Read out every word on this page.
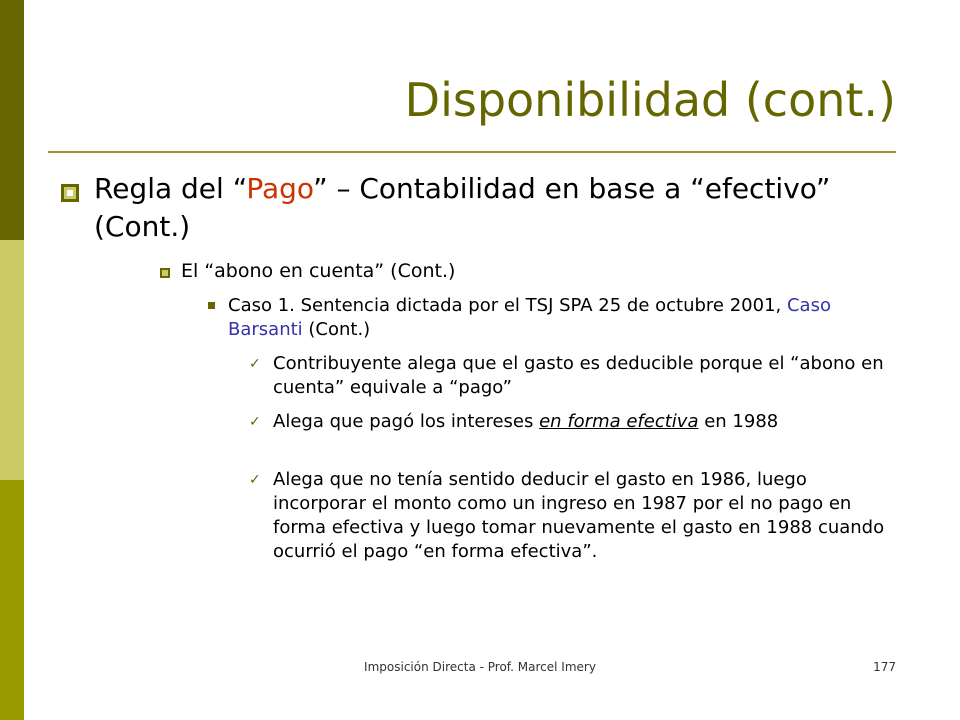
Disponibilidad (cont.)
Regla del “Pago” – Contabilidad en base a “efectivo” (Cont.)
El “abono en cuenta” (Cont.)
Caso 1. Sentencia dictada por el TSJ SPA 25 de octubre 2001, Caso Barsanti (Cont.)
✓ Contribuyente alega que el gasto es deducible porque el “abono en cuenta” equivale a “pago”
✓ Alega que pagó los intereses en forma efectiva en 1988
✓ Alega que no tenía sentido deducir el gasto en 1986, luego incorporar el monto como un ingreso en 1987 por el no pago en forma efectiva y luego tomar nuevamente el gasto en 1988 cuando ocurrió el pago “en forma efectiva”.
Imposición Directa - Prof. Marcel Imery	177
